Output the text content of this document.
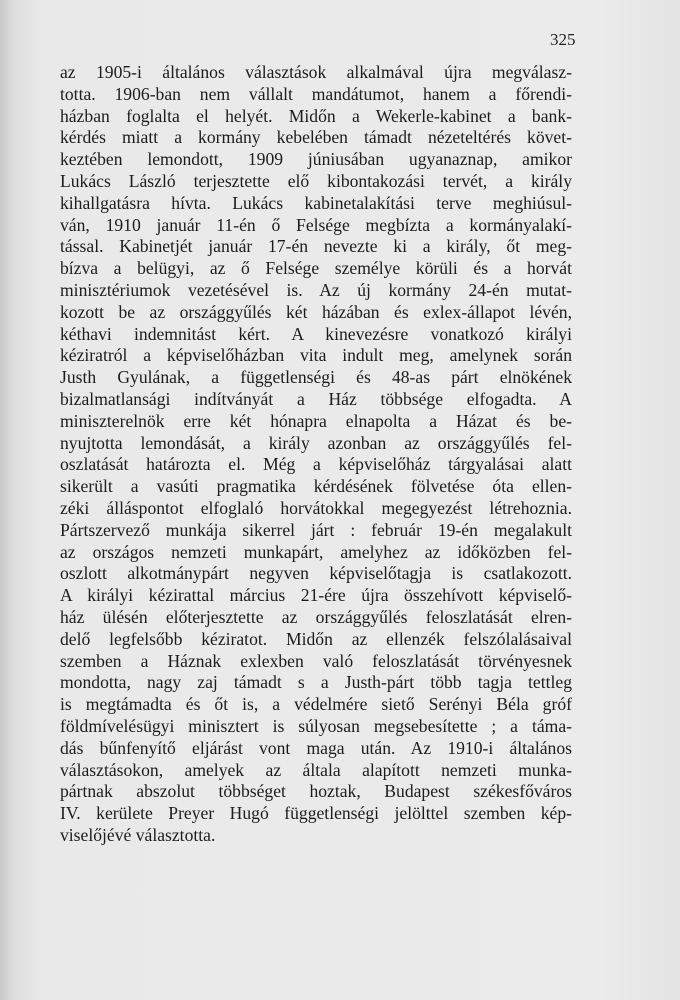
325
az 1905-i általános választások alkalmával újra megválasz-
totta. 1906-ban nem vállalt mandátumot, hanem a főrendi-
házban foglalta el helyét. Midőn a Wekerle-kabinet a bank-
kérdés miatt a kormány kebelében támadt nézeteltérés követ-
keztében lemondott, 1909 júniusában ugyanaznap, amikor
Lukács László terjesztette elő kibontakozási tervét, a király
kihallgatásra hívta. Lukács kabinetalakítási terve meghiúsul-
ván, 1910 január 11-én ő Felsége megbízta a kormányalakí-
tással. Kabinetjét január 17-én nevezte ki a király, őt meg-
bízva a belügyi, az ő Felsége személye körüli és a horvát
minisztériumok vezetésével is. Az új kormány 24-én mutat-
kozott be az országgyűlés két házában és exlex-állapot lévén,
kéthavi indemnitást kért. A kinevezésre vonatkozó királyi
kéziratról a képviselőházban vita indult meg, amelynek során
Justh Gyulának, a függetlenségi és 48-as párt elnökének
bizalmatlansági indítványát a Ház többsége elfogadta. A
miniszterelnök erre két hónapra elnapolta a Házat és be-
nyujtotta lemondását, a király azonban az országgyűlés fel-
oszlatását határozta el. Még a képviselőház tárgyalásai alatt
sikerült a vasúti pragmatika kérdésének fölvetése óta ellen-
zéki álláspontot elfoglaló horvátokkal megegyezést létrehoznia.
Pártszervező munkája sikerrel járt : február 19-én megalakult
az országos nemzeti munkapárt, amelyhez az időközben fel-
oszlott alkotmánypárt negyven képviselőtagja is csatlakozott.
A királyi kézirattal március 21-ére újra összehívott képviselő-
ház ülésén előterjesztette az országgyűlés feloszlatását elren-
delő legfelsőbb kéziratot. Midőn az ellenzék felszólalásaival
szemben a Háznak exlexben való feloszlatását törvényesnek
mondotta, nagy zaj támadt s a Justh-párt több tagja tettleg
is megtámadta és őt is, a védelmére siető Serényi Béla gróf
földmívelésügyi minisztert is súlyosan megsebesítette ; a táma-
dás bűnfenyítő eljárást vont maga után. Az 1910-i általános
választásokon, amelyek az általa alapított nemzeti munka-
pártnak abszolut többséget hoztak, Budapest székesfőváros
IV. kerülete Preyer Hugó függetlenségi jelölttel szemben kép-
viselőjévé választotta.
